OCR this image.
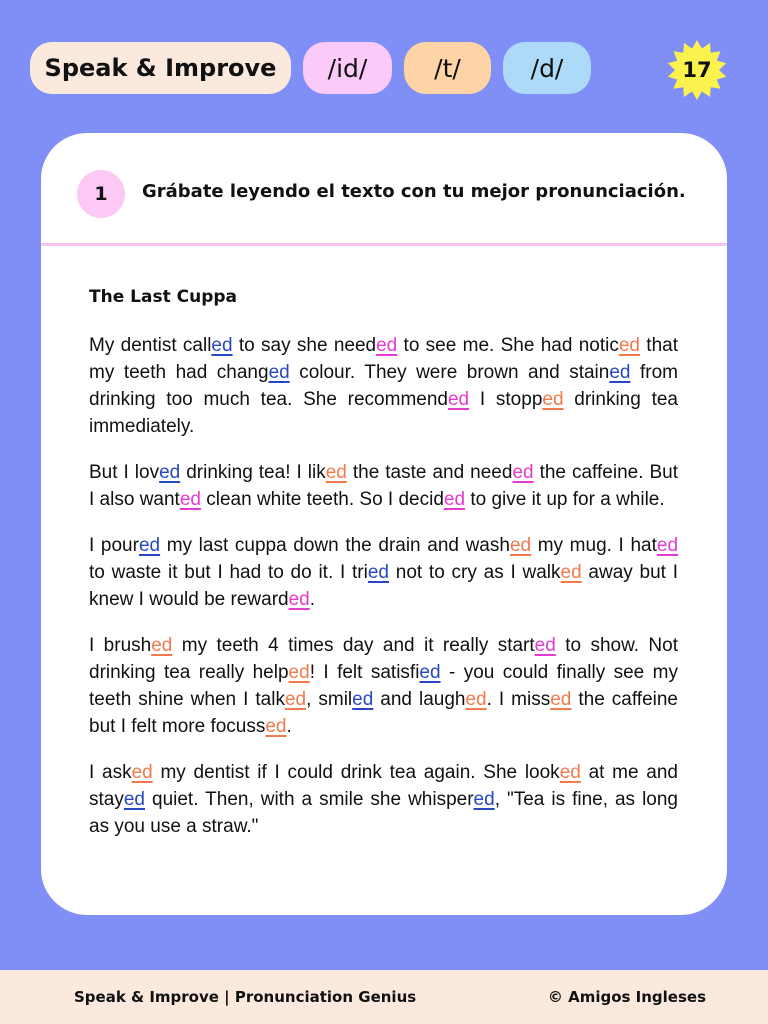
Speak & Improve	/id/	/t/	/d/	17
1	Grábate leyendo el texto con tu mejor pronunciación.
The Last Cuppa

My dentist called to say she needed to see me. She had noticed that my teeth had changed colour. They were brown and stained from drinking too much tea. She recommended I stopped drinking tea immediately.

But I loved drinking tea! I liked the taste and needed the caffeine. But I also wanted clean white teeth. So I decided to give it up for a while.

I poured my last cuppa down the drain and washed my mug. I hated to waste it but I had to do it. I tried not to cry as I walked away but I knew I would be rewarded.

I brushed my teeth 4 times day and it really started to show. Not drinking tea really helped! I felt satisfied - you could finally see my teeth shine when I talked, smiled and laughed. I missed the caffeine but I felt more focussed.

I asked my dentist if I could drink tea again. She looked at me and stayed quiet. Then, with a smile she whispered, "Tea is fine, as long as you use a straw."

Speak & Improve | Pronunciation Genius	© Amigos Ingleses
